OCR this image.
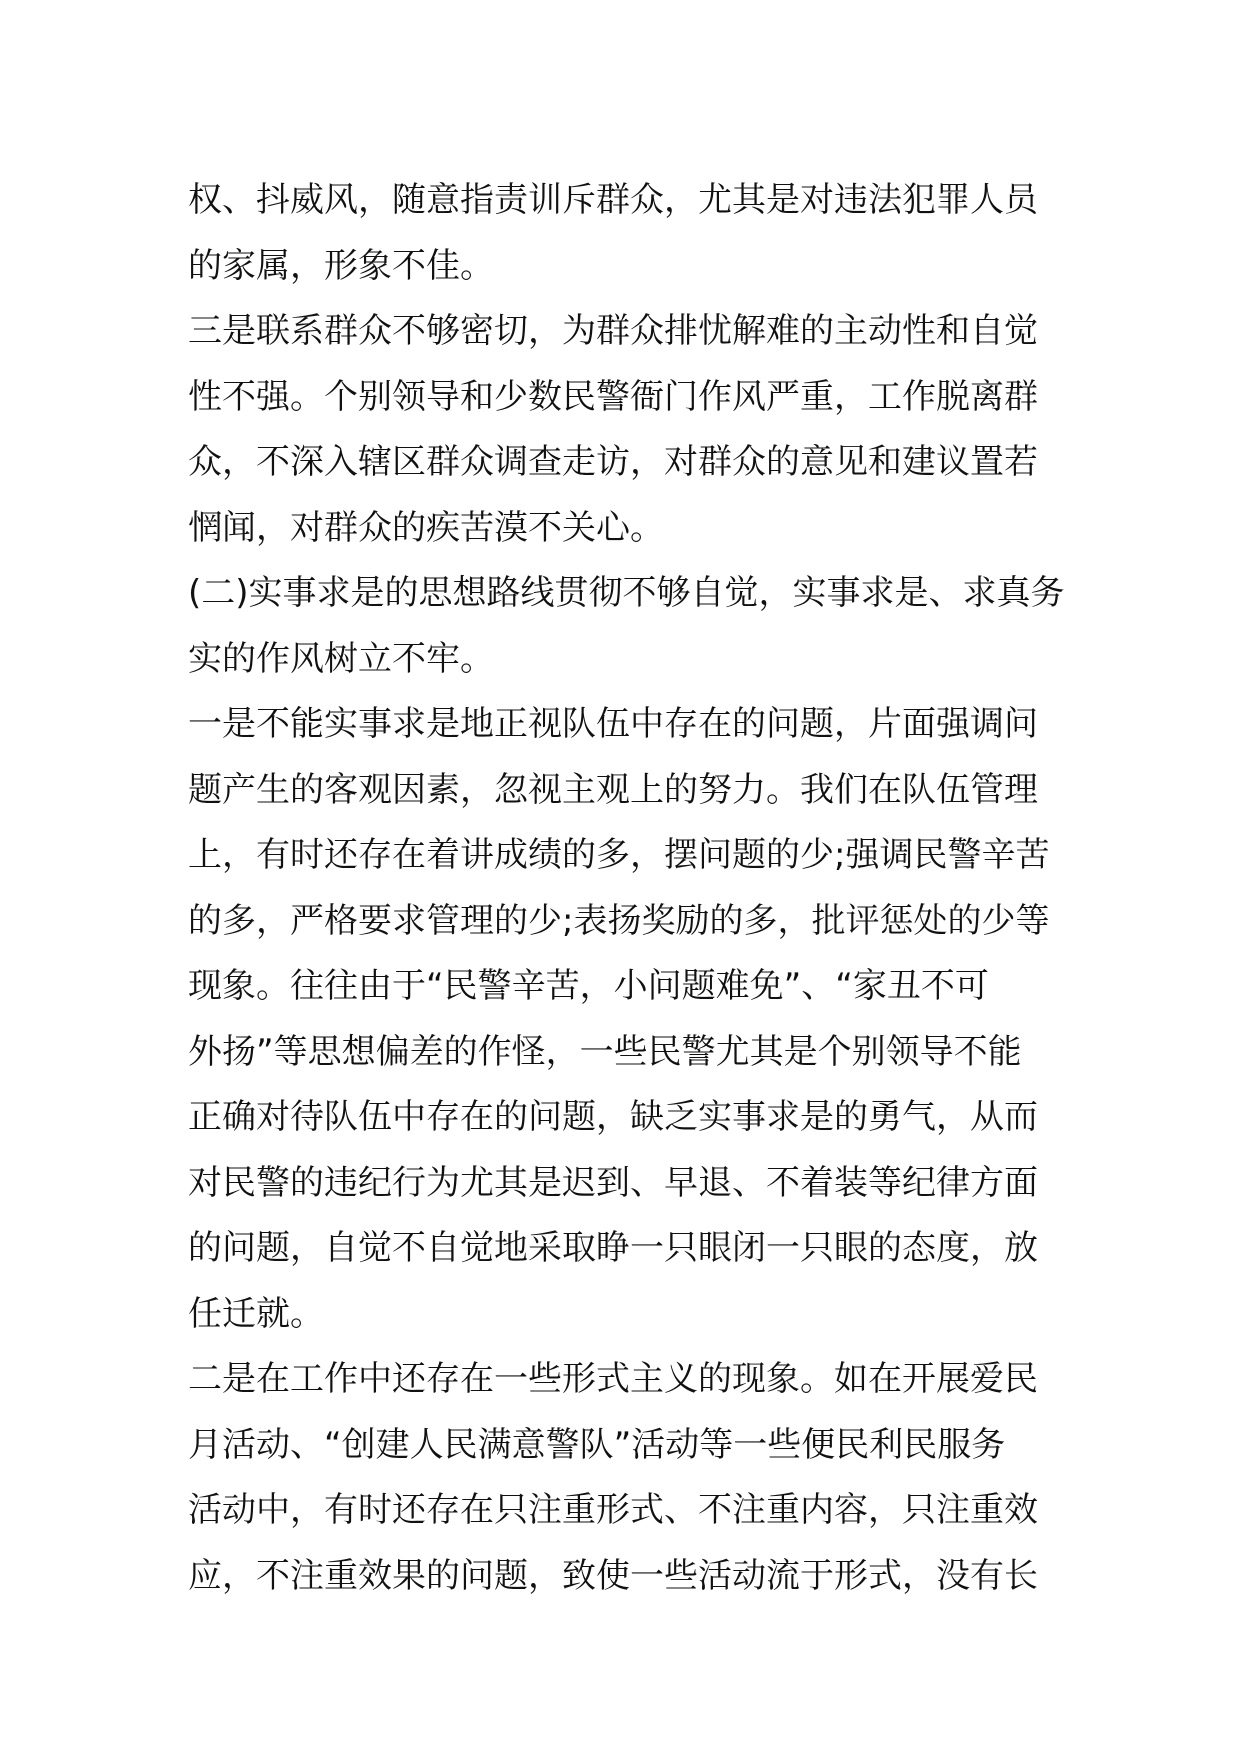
权、抖威风，随意指责训斥群众，尤其是对违法犯罪人员
的家属，形象不佳。
三是联系群众不够密切，为群众排忧解难的主动性和自觉
性不强。个别领导和少数民警衙门作风严重，工作脱离群
众，不深入辖区群众调查走访，对群众的意见和建议置若
惘闻，对群众的疾苦漠不关心。
(二)实事求是的思想路线贯彻不够自觉，实事求是、求真务
实的作风树立不牢。
一是不能实事求是地正视队伍中存在的问题，片面强调问
题产生的客观因素，忽视主观上的努力。我们在队伍管理
上，有时还存在着讲成绩的多，摆问题的少;强调民警辛苦
的多，严格要求管理的少;表扬奖励的多，批评惩处的少等
现象。往往由于“民警辛苦，小问题难免”、“家丑不可
外扬”等思想偏差的作怪，一些民警尤其是个别领导不能
正确对待队伍中存在的问题，缺乏实事求是的勇气，从而
对民警的违纪行为尤其是迟到、早退、不着装等纪律方面
的问题，自觉不自觉地采取睁一只眼闭一只眼的态度，放
任迁就。
二是在工作中还存在一些形式主义的现象。如在开展爱民
月活动、“创建人民满意警队”活动等一些便民利民服务
活动中，有时还存在只注重形式、不注重内容，只注重效
应，不注重效果的问题，致使一些活动流于形式，没有长
